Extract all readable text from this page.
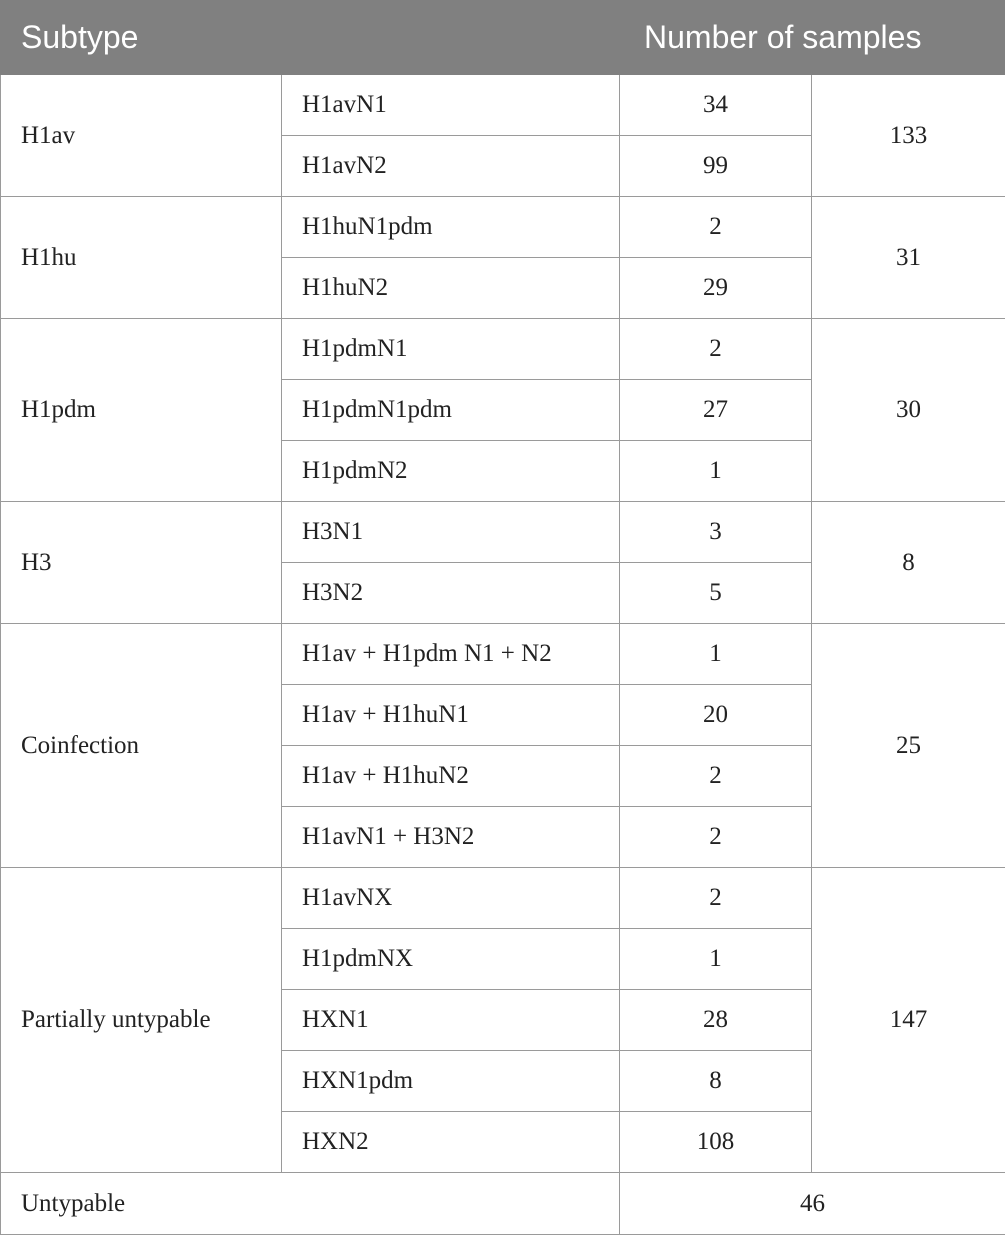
Subtype		Number of samples	
H1av	H1avN1	34	133
	H1avN2	99	
H1hu	H1huN1pdm	2	31
	H1huN2	29	
H1pdm	H1pdmN1	2	30
	H1pdmN1pdm	27	
	H1pdmN2	1	
H3	H3N1	3	8
	H3N2	5	
Coinfection	H1av + H1pdm N1 + N2	1	25
	H1av + H1huN1	20	
	H1av + H1huN2	2	
	H1avN1 + H3N2	2	
Partially untypable	H1avNX	2	147
	H1pdmNX	1	
	HXN1	28	
	HXN1pdm	8	
	HXN2	108	
Untypable		46	
